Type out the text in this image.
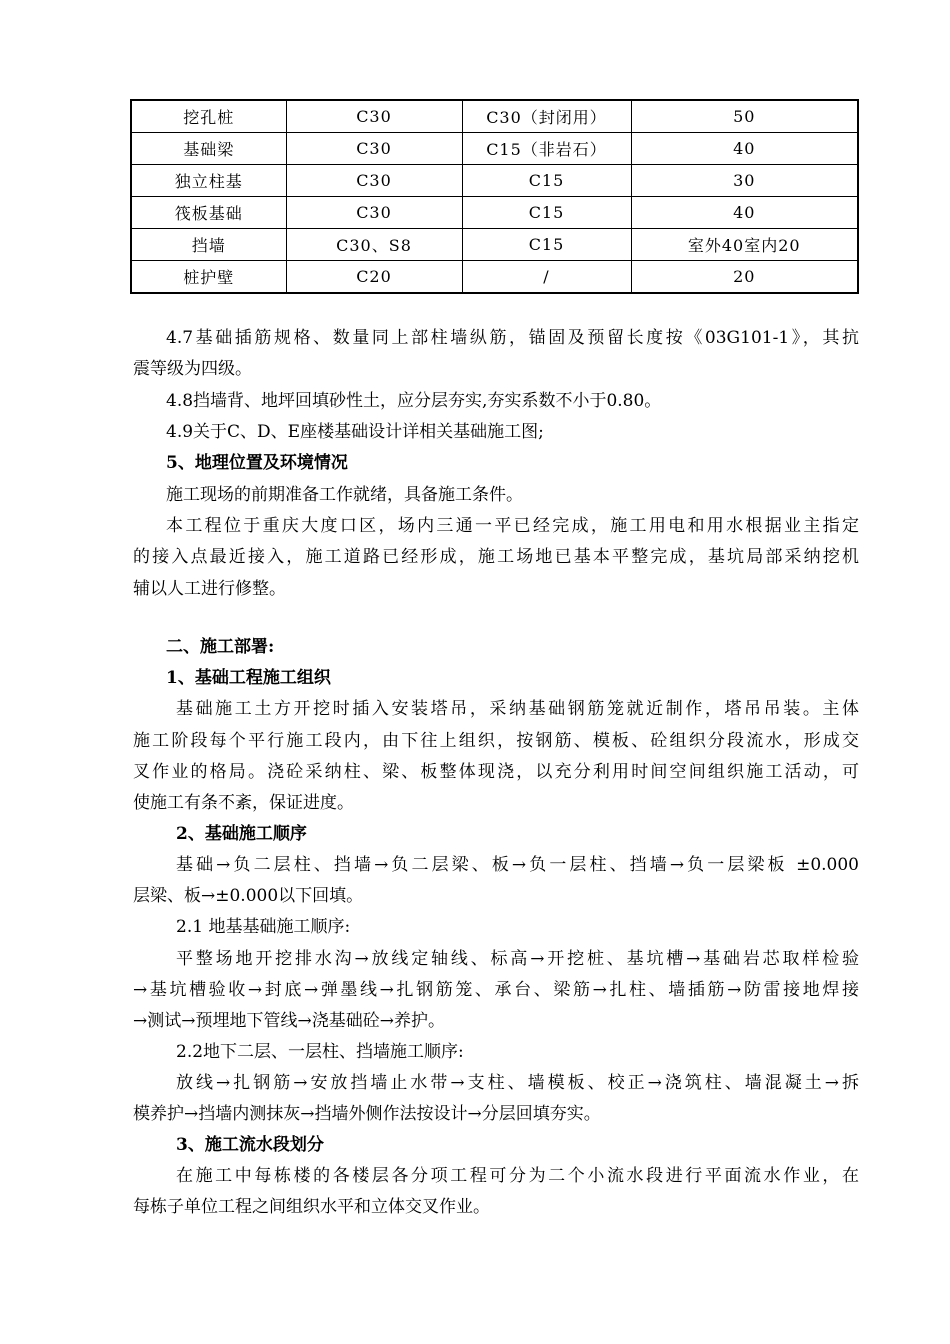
挖孔桩	C30	C30（封闭用）	50
基础梁	C30	C15（非岩石）	40
独立柱基	C30	C15	30
筏板基础	C30	C15	40
挡墙	C30、S8	C15	室外40室内20
桩护壁	C20	/	20
4.7基础插筋规格、数量同上部柱墙纵筋，锚固及预留长度按《03G101-1》，其抗
震等级为四级。
4.8挡墙背、地坪回填砂性土，应分层夯实,夯实系数不小于0.80。
4.9关于C、D、E座楼基础设计详相关基础施工图;
5、地理位置及环境情况
施工现场的前期准备工作就绪，具备施工条件。
本工程位于重庆大度口区，场内三通一平已经完成，施工用电和用水根据业主指定
的接入点最近接入，施工道路已经形成，施工场地已基本平整完成，基坑局部采纳挖机
辅以人工进行修整。
二、施工部署:
1、基础工程施工组织
基础施工土方开挖时插入安装塔吊，采纳基础钢筋笼就近制作，塔吊吊装。主体
施工阶段每个平行施工段内，由下往上组织，按钢筋、模板、砼组织分段流水，形成交
叉作业的格局。浇砼采纳柱、梁、板整体现浇，以充分利用时间空间组织施工活动，可
使施工有条不紊，保证进度。
2、基础施工顺序
基础→负二层柱、挡墙→负二层梁、板→负一层柱、挡墙→负一层梁板 ±0.000
层梁、板→±0.000以下回填。
2.1 地基基础施工顺序:
平整场地开挖排水沟→放线定轴线、标高→开挖桩、基坑槽→基础岩芯取样检验
→基坑槽验收→封底→弹墨线→扎钢筋笼、承台、梁筋→扎柱、墙插筋→防雷接地焊接
→测试→预埋地下管线→浇基础砼→养护。
2.2地下二层、一层柱、挡墙施工顺序:
放线→扎钢筋→安放挡墙止水带→支柱、墙模板、校正→浇筑柱、墙混凝土→拆
模养护→挡墙内测抹灰→挡墙外侧作法按设计→分层回填夯实。
3、施工流水段划分
在施工中每栋楼的各楼层各分项工程可分为二个小流水段进行平面流水作业，在
每栋子单位工程之间组织水平和立体交叉作业。
